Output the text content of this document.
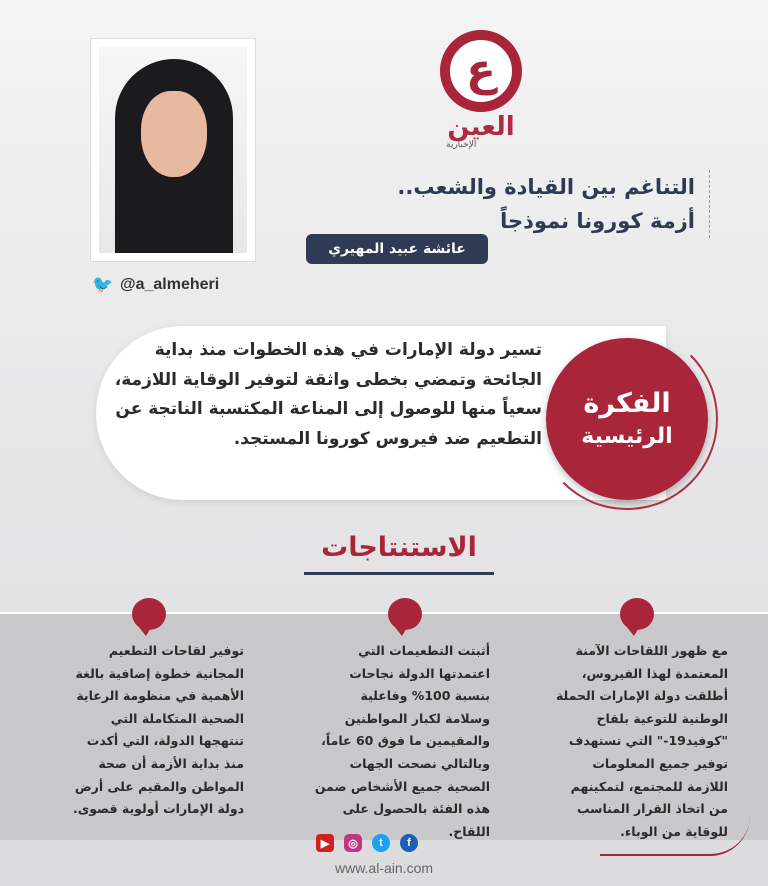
ع
العين
الإخبارية
🐦 @a_almeheri
التناغم بين القيادة والشعب..
أزمة كورونا نموذجاً
عائشة عبيد المهيري
تسير دولة الإمارات في هذه الخطوات منذ بداية الجائحة وتمضي بخطى واثقة لتوفير الوقاية اللازمة، سعياً منها للوصول إلى المناعة المكتسبة الناتجة عن التطعيم ضد فيروس كورونا المستجد.
الفكرة
الرئيسية
الاستنتاجات
مع ظهور اللقاحات الآمنة المعتمدة لهذا الفيروس، أطلقت دولة الإمارات الحملة الوطنية للتوعية بلقاح "كوفيد19-" التي تستهدف توفير جميع المعلومات اللازمة للمجتمع، لتمكينهم من اتخاذ القرار المناسب للوقاية من الوباء.
أثبتت التطعيمات التي اعتمدتها الدولة نجاحات بنسبة 100% وفاعلية وسلامة لكبار المواطنين والمقيمين ما فوق 60 عاماً، وبالتالي نصحت الجهات الصحية جميع الأشخاص ضمن هذه الفئة بالحصول على اللقاح.
توفير لقاحات التطعيم المجانية خطوة إضافية بالغة الأهمية في منظومة الرعاية الصحية المتكاملة التي تنتهجها الدولة، التي أكدت منذ بداية الأزمة أن صحة المواطن والمقيم على أرض دولة الإمارات أولوية قصوى.
▶	◎	t	f
www.al-ain.com
